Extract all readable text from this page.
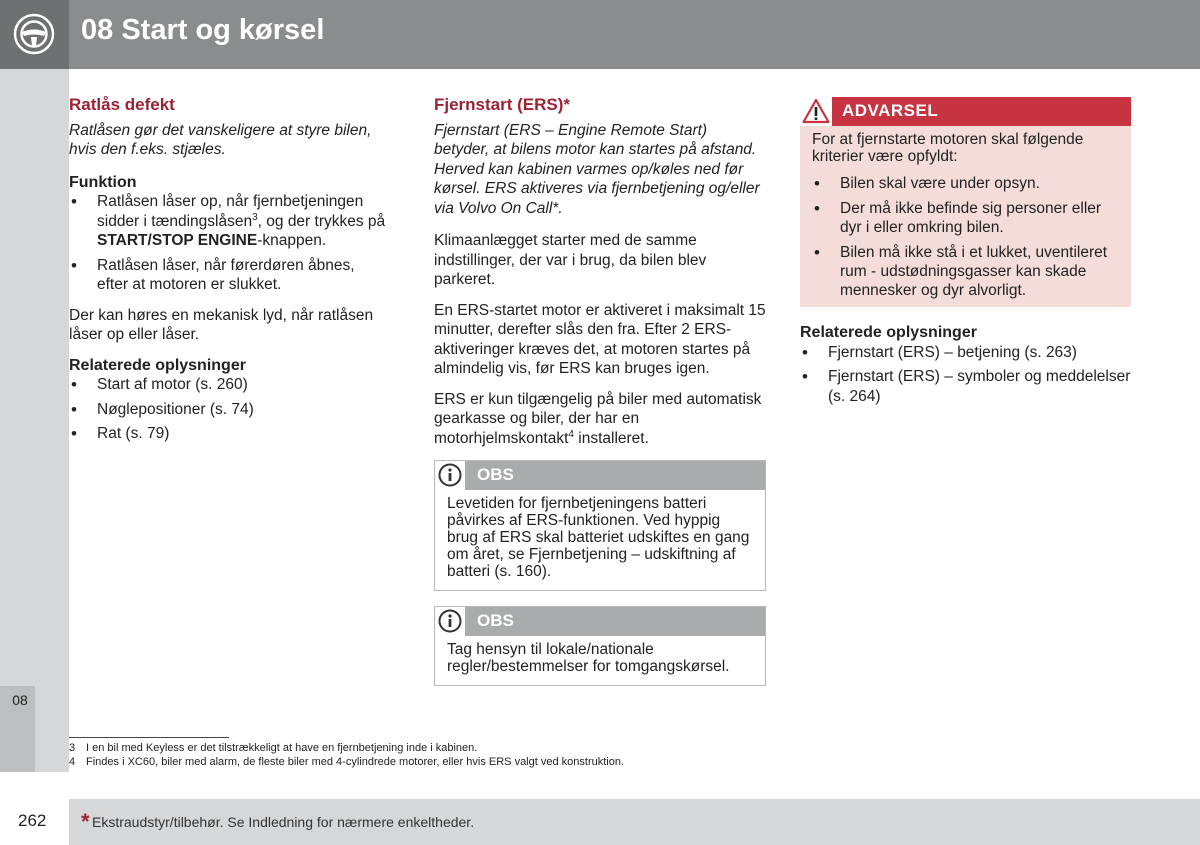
08 Start og kørsel
08
Ratlås defekt
Ratlåsen gør det vanskeligere at styre bilen, hvis den f.eks. stjæles.
Funktion
• Ratlåsen låser op, når fjernbetjeningen sidder i tændingslåsen$^3$, og der trykkes på START/STOP ENGINE-knappen.
• Ratlåsen låser, når førerdøren åbnes, efter at motoren er slukket.

Der kan høres en mekanisk lyd, når ratlåsen låser op eller låser.

Relaterede oplysninger
• Start af motor (s. 260)
• Nøglepositioner (s. 74)
• Rat (s. 79)
Fjernstart (ERS)*
Fjernstart (ERS – Engine Remote Start) betyder, at bilens motor kan startes på afstand. Herved kan kabinen varmes op/køles ned før kørsel. ERS aktiveres via fjernbetjening og/eller via Volvo On Call*.

Klimaanlægget starter med de samme indstillinger, der var i brug, da bilen blev parkeret.

En ERS-startet motor er aktiveret i maksimalt 15 minutter, derefter slås den fra. Efter 2 ERS-aktiveringer kræves det, at motoren startes på almindelig vis, før ERS kan bruges igen.

ERS er kun tilgængelig på biler med automatisk gearkasse og biler, der har en motorhjelmskontakt$^4$ installeret.

OBS
Levetiden for fjernbetjeningens batteri påvirkes af ERS-funktionen. Ved hyppig brug af ERS skal batteriet udskiftes en gang om året, se Fjernbetjening – udskiftning af batteri (s. 160).
OBS
Tag hensyn til lokale/nationale regler/bestemmelser for tomgangskørsel.
ADVARSEL

For at fjernstarte motoren skal følgende kriterier være opfyldt:

• Bilen skal være under opsyn.
• Der må ikke befinde sig personer eller dyr i eller omkring bilen.
• Bilen må ikke stå i et lukket, uventileret rum - udstødningsgasser kan skade mennesker og dyr alvorligt.
Relaterede oplysninger
• Fjernstart (ERS) – betjening (s. 263)
• Fjernstart (ERS) – symboler og meddelelser (s. 264)
3 I en bil med Keyless er det tilstrækkeligt at have en fjernbetjening inde i kabinen.
4 Findes i XC60, biler med alarm, de fleste biler med 4-cylindrede motorer, eller hvis ERS valgt ved konstruktion.
262 * Ekstraudstyr/tilbehør. Se Indledning for nærmere enkeltheder.
